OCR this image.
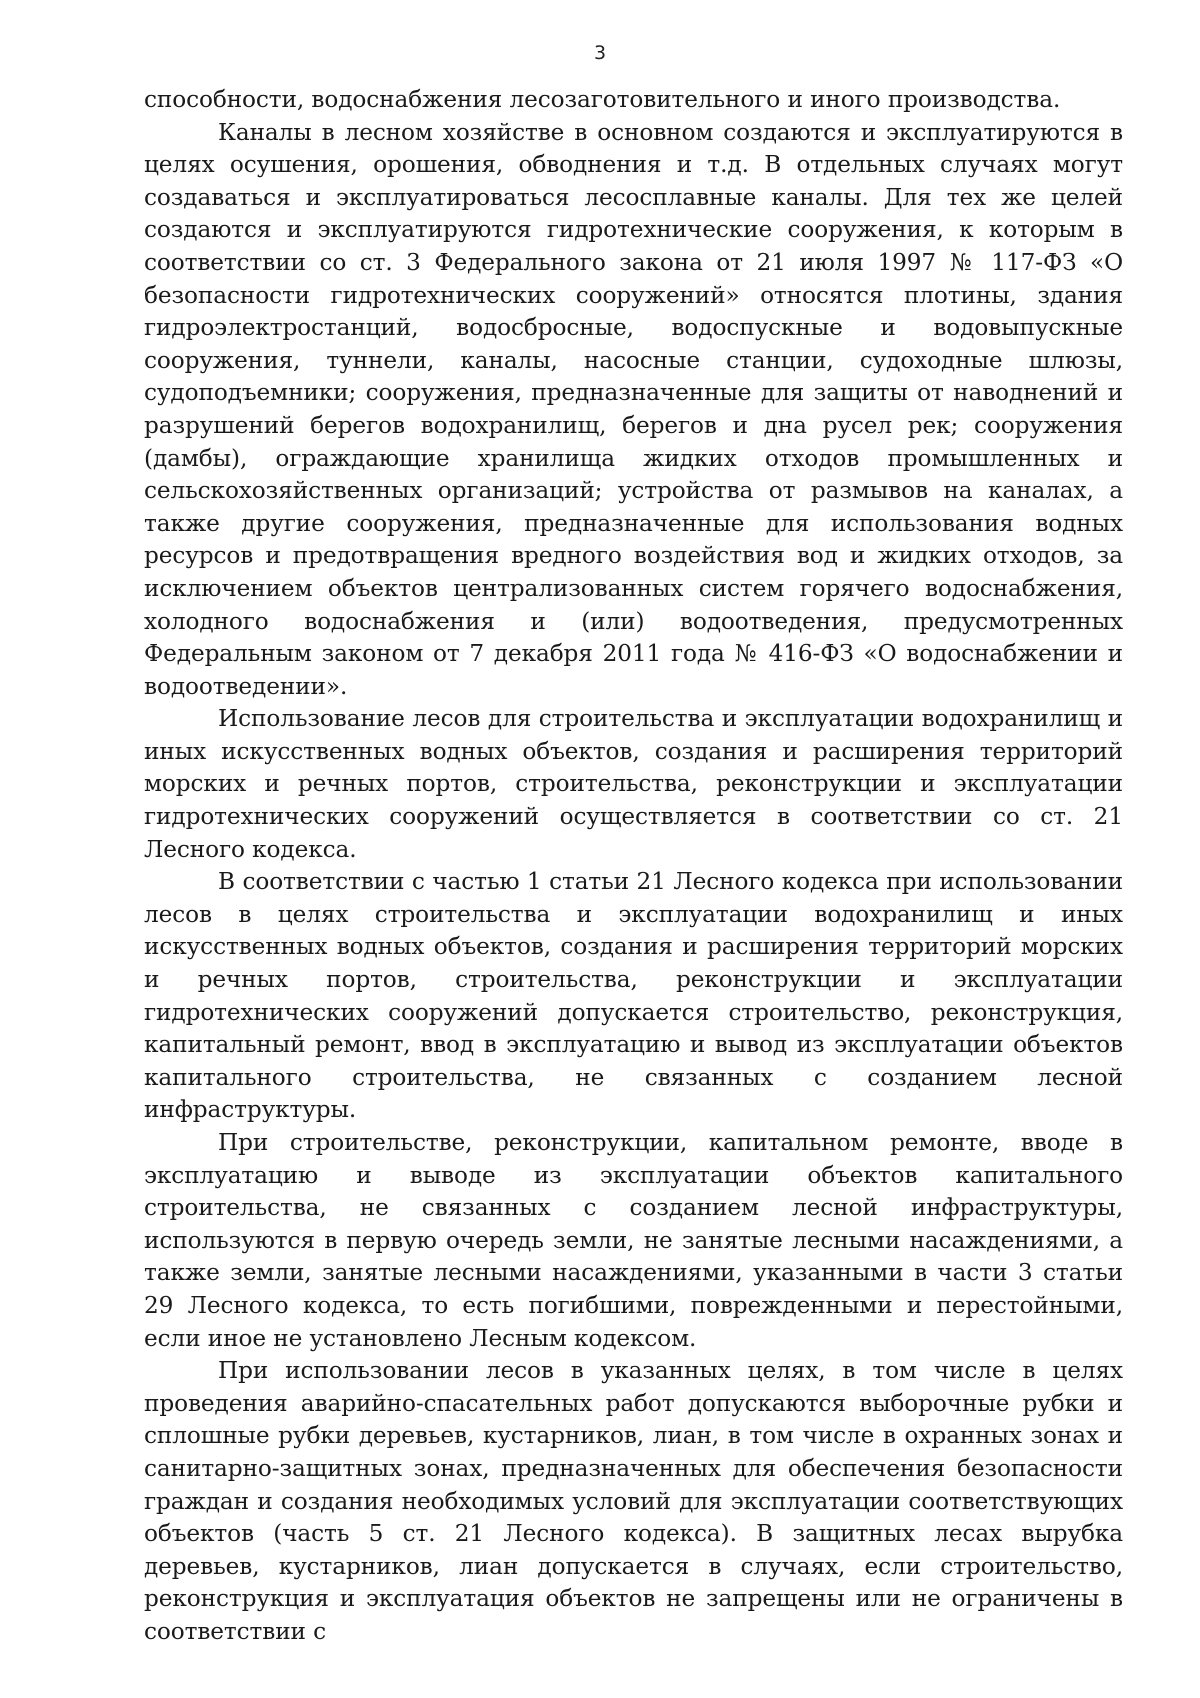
3

способности, водоснабжения лесозаготовительного и иного производства.

Каналы в лесном хозяйстве в основном создаются и эксплуатируются в целях осушения, орошения, обводнения и т.д. В отдельных случаях могут создаваться и эксплуатироваться лесосплавные каналы. Для тех же целей создаются и эксплуатируются гидротехнические сооружения, к которым в соответствии со ст. 3 Федерального закона от 21 июля 1997 № 117-ФЗ «О безопасности гидротехнических сооружений» относятся плотины, здания гидроэлектростанций, водосбросные, водоспускные и водовыпускные сооружения, туннели, каналы, насосные станции, судоходные шлюзы, судоподъемники; сооружения, предназначенные для защиты от наводнений и разрушений берегов водохранилищ, берегов и дна русел рек; сооружения (дамбы), ограждающие хранилища жидких отходов промышленных и сельскохозяйственных организаций; устройства от размывов на каналах, а также другие сооружения, предназначенные для использования водных ресурсов и предотвращения вредного воздействия вод и жидких отходов, за исключением объектов централизованных систем горячего водоснабжения, холодного водоснабжения и (или) водоотведения, предусмотренных Федеральным законом от 7 декабря 2011 года № 416-ФЗ «О водоснабжении и водоотведении».

Использование лесов для строительства и эксплуатации водохранилищ и иных искусственных водных объектов, создания и расширения территорий морских и речных портов, строительства, реконструкции и эксплуатации гидротехнических сооружений осуществляется в соответствии со ст. 21 Лесного кодекса.

В соответствии с частью 1 статьи 21 Лесного кодекса при использовании лесов в целях строительства и эксплуатации водохранилищ и иных искусственных водных объектов, создания и расширения территорий морских и речных портов, строительства, реконструкции и эксплуатации гидротехнических сооружений допускается строительство, реконструкция, капитальный ремонт, ввод в эксплуатацию и вывод из эксплуатации объектов капитального строительства, не связанных с созданием лесной инфраструктуры.

При строительстве, реконструкции, капитальном ремонте, вводе в эксплуатацию и выводе из эксплуатации объектов капитального строительства, не связанных с созданием лесной инфраструктуры, используются в первую очередь земли, не занятые лесными насаждениями, а также земли, занятые лесными насаждениями, указанными в части 3 статьи 29 Лесного кодекса, то есть погибшими, поврежденными и перестойными, если иное не установлено Лесным кодексом.

При использовании лесов в указанных целях, в том числе в целях проведения аварийно-спасательных работ допускаются выборочные рубки и сплошные рубки деревьев, кустарников, лиан, в том числе в охранных зонах и санитарно-защитных зонах, предназначенных для обеспечения безопасности граждан и создания необходимых условий для эксплуатации соответствующих объектов (часть 5 ст. 21 Лесного кодекса). В защитных лесах вырубка деревьев, кустарников, лиан допускается в случаях, если строительство, реконструкция и эксплуатация объектов не запрещены или не ограничены в соответствии с
